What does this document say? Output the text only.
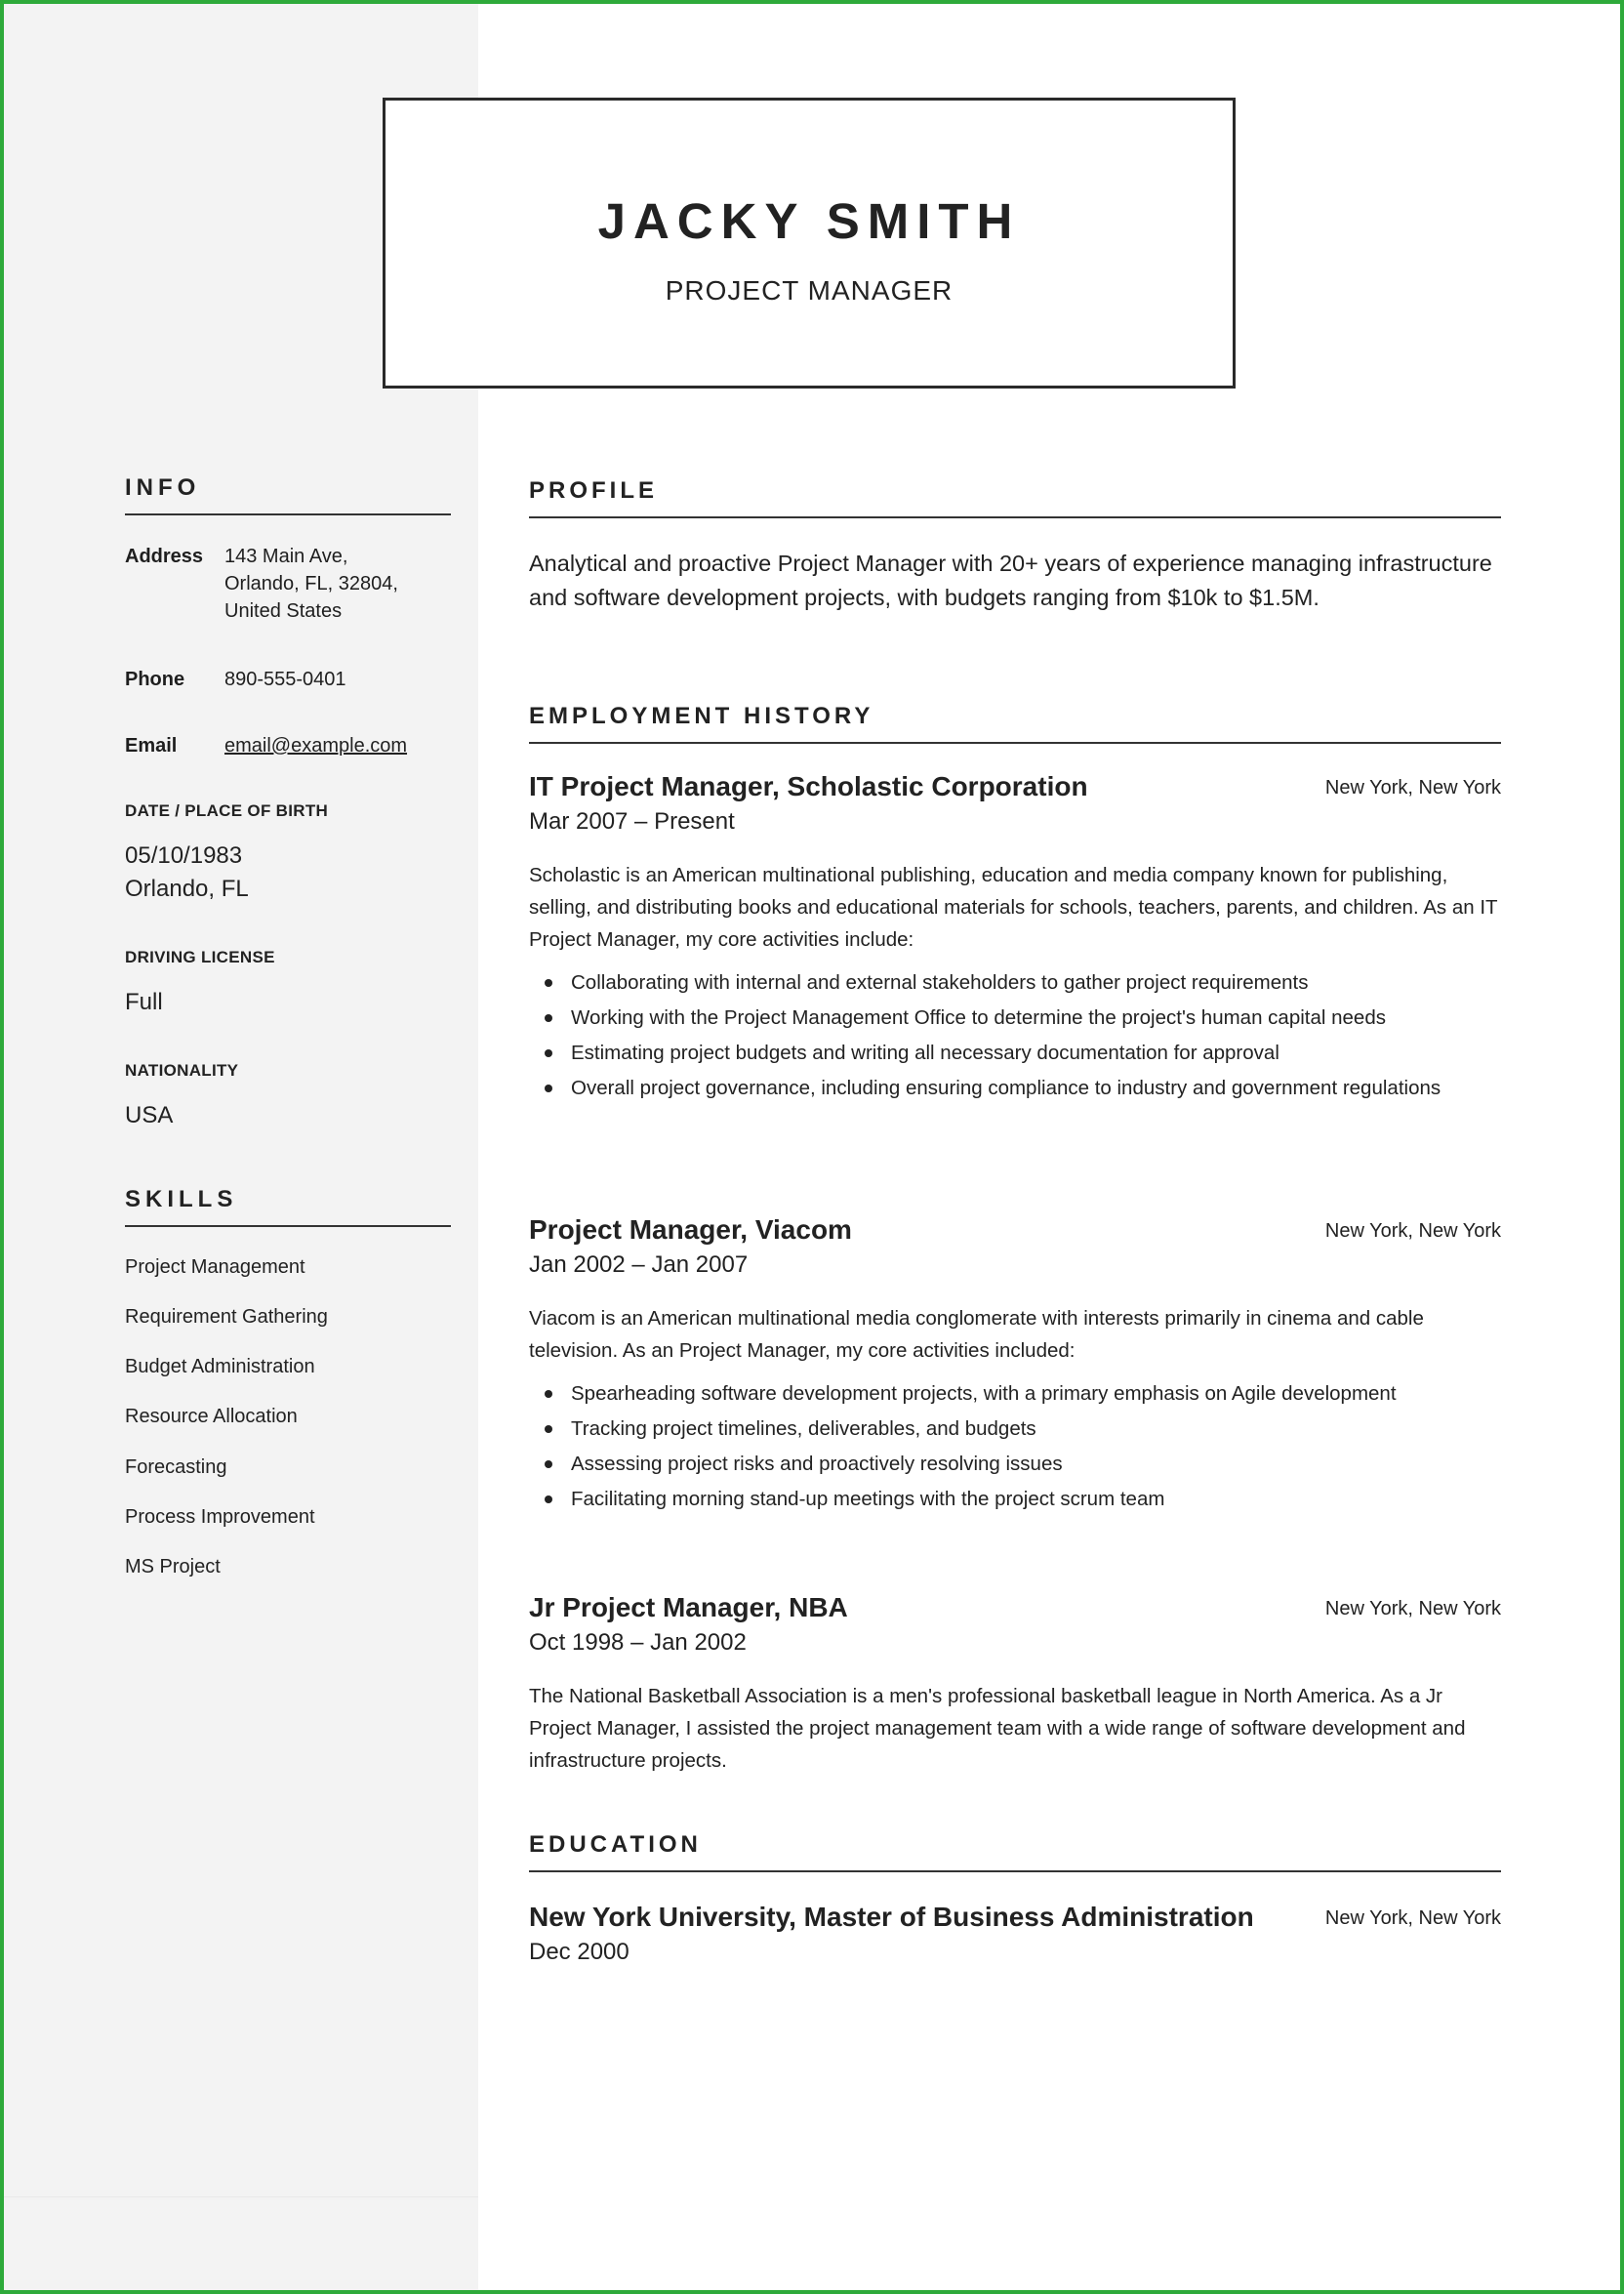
JACKY SMITH
PROJECT MANAGER
INFO
Address	143 Main Ave,
Orlando, FL, 32804,
United States
Phone	890-555-0401
Email	email@example.com
DATE / PLACE OF BIRTH
05/10/1983
Orlando, FL
DRIVING LICENSE
Full
NATIONALITY
USA
SKILLS
Project Management
Requirement Gathering
Budget Administration
Resource Allocation
Forecasting
Process Improvement
MS Project
PROFILE
Analytical and proactive Project Manager with 20+ years of experience managing infrastructure and software development projects, with budgets ranging from $10k to $1.5M.
EMPLOYMENT HISTORY
IT Project Manager, Scholastic Corporation	New York, New York
Mar 2007 – Present
Scholastic is an American multinational publishing, education and media company known for publishing, selling, and distributing books and educational materials for schools, teachers, parents, and children. As an IT Project Manager, my core activities include:
Collaborating with internal and external stakeholders to gather project requirements
Working with the Project Management Office to determine the project's human capital needs
Estimating project budgets and writing all necessary documentation for approval
Overall project governance, including ensuring compliance to industry and government regulations
Project Manager, Viacom	New York, New York
Jan 2002 – Jan 2007
Viacom is an American multinational media conglomerate with interests primarily in cinema and cable television. As an Project Manager, my core activities included:
Spearheading software development projects, with a primary emphasis on Agile development
Tracking project timelines, deliverables, and budgets
Assessing project risks and proactively resolving issues
Facilitating morning stand-up meetings with the project scrum team
Jr Project Manager, NBA	New York, New York
Oct 1998 – Jan 2002
The National Basketball Association is a men's professional basketball league in North America. As a Jr Project Manager, I assisted the project management team with a wide range of software development and infrastructure projects.
EDUCATION
New York University, Master of Business Administration	New York, New York
Dec 2000
